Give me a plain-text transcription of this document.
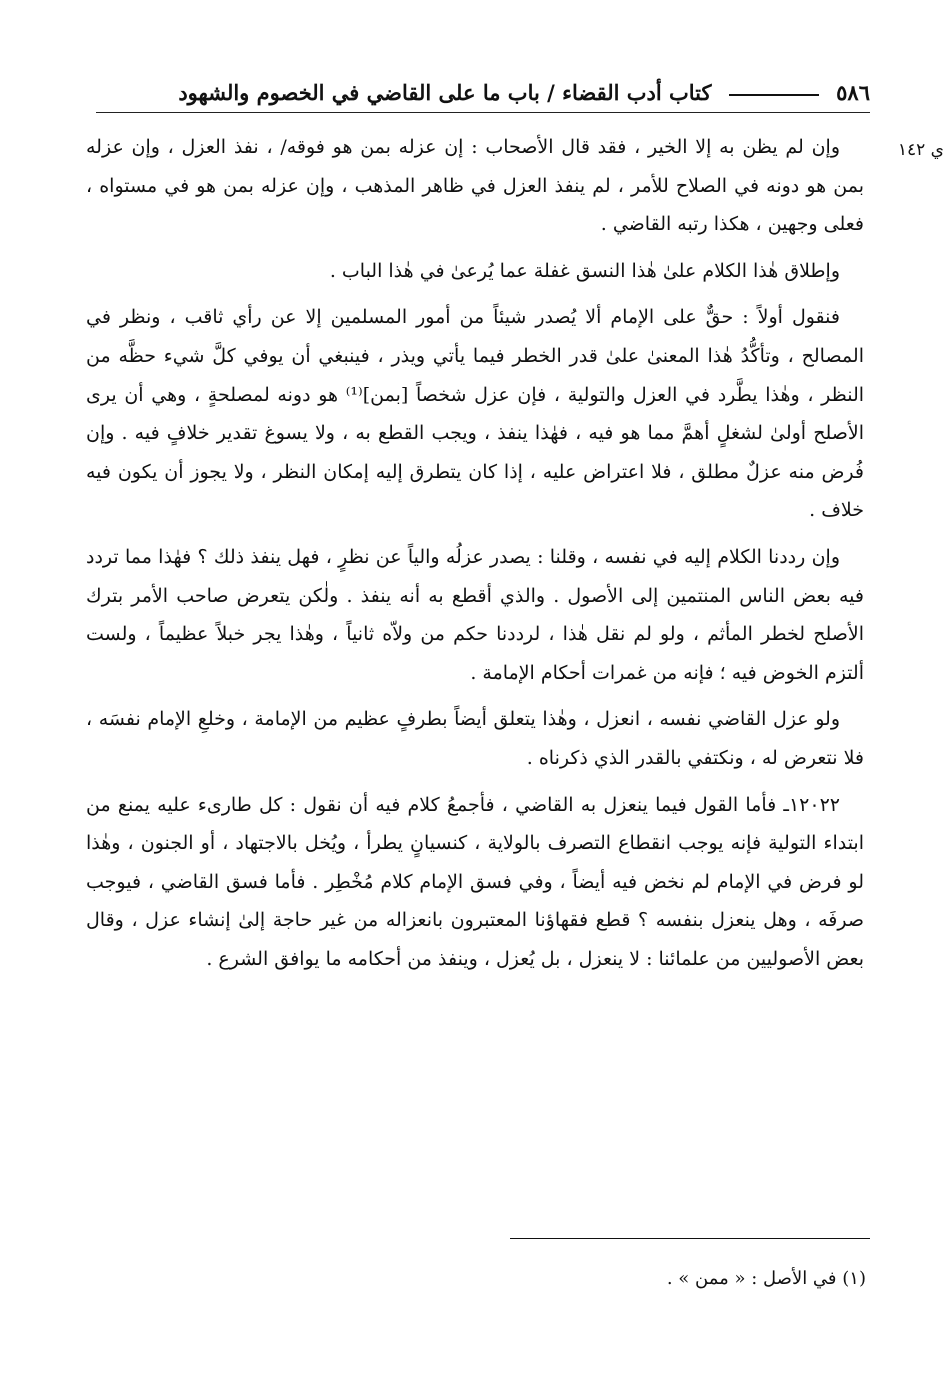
٥٨٦  كتاب أدب القضاء / باب ما على القاضي في الخصوم والشهود
ي ١٤٢

وإن لم يظن به إلا الخير ، فقد قال الأصحاب : إن عزله بمن هو فوقه/ ، نفذ العزل ، وإن عزله بمن هو دونه في الصلاح للأمر ، لم ينفذ العزل في ظاهر المذهب ، وإن عزله بمن هو في مستواه ، فعلى وجهين ، هكذا رتبه القاضي .

وإطلاق هٰذا الكلام علىٰ هٰذا النسق غفلة عما يُرعىٰ في هٰذا الباب .

فنقول أولاً : حقٌّ على الإمام ألا يُصدر شيئاً من أمور المسلمين إلا عن رأي ثاقب ، ونظر في المصالح ، وتأكُّدُ هٰذا المعنىٰ علىٰ قدر الخطر فيما يأتي ويذر ، فينبغي أن يوفي كلَّ شيء حظَّه من النظر ، وهٰذا يطَّرد في العزل والتولية ، فإن عزل شخصاً [بمن]⁽¹⁾ هو دونه لمصلحةٍ ، وهي أن يرى الأصلح أولىٰ لشغلٍ أهمَّ مما هو فيه ، فهٰذا ينفذ ، ويجب القطع به ، ولا يسوغ تقدير خلافٍ فيه . وإن فُرض منه عزلٌ مطلق ، فلا اعتراض عليه ، إذا كان يتطرق إليه إمكان النظر ، ولا يجوز أن يكون فيه خلاف .

وإن رددنا الكلام إليه في نفسه ، وقلنا : يصدر عزلُه والياً عن نظرٍ ، فهل ينفذ ذلك ؟ فهٰذا مما تردد فيه بعض الناس المنتمين إلى الأصول . والذي أقطع به أنه ينفذ . ولٰكن يتعرض صاحب الأمر بترك الأصلح لخطر المأثم ، ولو لم نقل هٰذا ، لرددنا حكم من ولاّه ثانياً ، وهٰذا يجر خبلاً عظيماً ، ولست ألتزم الخوض فيه ؛ فإنه من غمرات أحكام الإمامة .

ولو عزل القاضي نفسه ، انعزل ، وهٰذا يتعلق أيضاً بطرفٍ عظيم من الإمامة ، وخلعِ الإمام نفسَه ، فلا نتعرض له ، ونكتفي بالقدر الذي ذكرناه .

١٢٠٢٢ـ فأما القول فيما ينعزل به القاضي ، فأجمعُ كلام فيه أن نقول : كل طارىء عليه يمنع من ابتداء التولية فإنه يوجب انقطاع التصرف بالولاية ، كنسيانٍ يطرأ ، ويُخل بالاجتهاد ، أو الجنون ، وهٰذا لو فرض في الإمام لم نخض فيه أيضاً ، وفي فسق الإمام كلام مُخْطِر . فأما فسق القاضي ، فيوجب صرفَه ، وهل ينعزل بنفسه ؟ قطع فقهاؤنا المعتبرون بانعزاله من غير حاجة إلىٰ إنشاء عزل ، وقال بعض الأصوليين من علمائنا : لا ينعزل ، بل يُعزل ، وينفذ من أحكامه ما يوافق الشرع .

(١) في الأصل : « ممن » .
